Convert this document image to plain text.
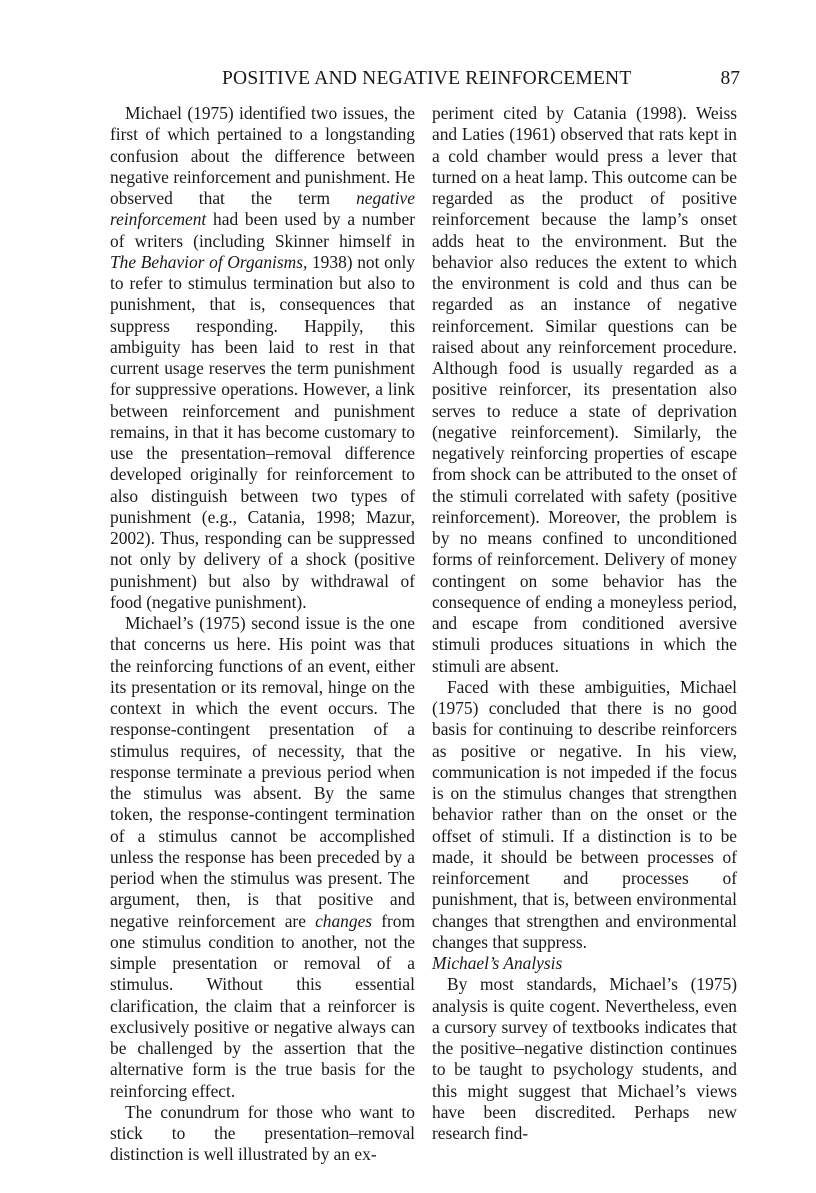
POSITIVE AND NEGATIVE REINFORCEMENT	87

Michael (1975) identified two issues, the first of which pertained to a longstanding confusion about the difference between negative reinforcement and punishment. He observed that the term negative reinforcement had been used by a number of writers (including Skinner himself in The Behavior of Organisms, 1938) not only to refer to stimulus termination but also to punishment, that is, consequences that suppress responding. Happily, this ambiguity has been laid to rest in that current usage reserves the term punishment for suppressive operations. However, a link between reinforcement and punishment remains, in that it has become customary to use the presentation–removal difference developed originally for reinforcement to also distinguish between two types of punishment (e.g., Catania, 1998; Mazur, 2002). Thus, responding can be suppressed not only by delivery of a shock (positive punishment) but also by withdrawal of food (negative punishment).

Michael’s (1975) second issue is the one that concerns us here. His point was that the reinforcing functions of an event, either its presentation or its removal, hinge on the context in which the event occurs. The response-contingent presentation of a stimulus requires, of necessity, that the response terminate a previous period when the stimulus was absent. By the same token, the response-contingent termination of a stimulus cannot be accomplished unless the response has been preceded by a period when the stimulus was present. The argument, then, is that positive and negative reinforcement are changes from one stimulus condition to another, not the simple presentation or removal of a stimulus. Without this essential clarification, the claim that a reinforcer is exclusively positive or negative always can be challenged by the assertion that the alternative form is the true basis for the reinforcing effect.

The conundrum for those who want to stick to the presentation–removal distinction is well illustrated by an ex-

periment cited by Catania (1998). Weiss and Laties (1961) observed that rats kept in a cold chamber would press a lever that turned on a heat lamp. This outcome can be regarded as the product of positive reinforcement because the lamp’s onset adds heat to the environment. But the behavior also reduces the extent to which the environment is cold and thus can be regarded as an instance of negative reinforcement. Similar questions can be raised about any reinforcement procedure. Although food is usually regarded as a positive reinforcer, its presentation also serves to reduce a state of deprivation (negative reinforcement). Similarly, the negatively reinforcing properties of escape from shock can be attributed to the onset of the stimuli correlated with safety (positive reinforcement). Moreover, the problem is by no means confined to unconditioned forms of reinforcement. Delivery of money contingent on some behavior has the consequence of ending a moneyless period, and escape from conditioned aversive stimuli produces situations in which the stimuli are absent.

Faced with these ambiguities, Michael (1975) concluded that there is no good basis for continuing to describe reinforcers as positive or negative. In his view, communication is not impeded if the focus is on the stimulus changes that strengthen behavior rather than on the onset or the offset of stimuli. If a distinction is to be made, it should be between processes of reinforcement and processes of punishment, that is, between environmental changes that strengthen and environmental changes that suppress.

Michael’s Analysis

By most standards, Michael’s (1975) analysis is quite cogent. Nevertheless, even a cursory survey of textbooks indicates that the positive–negative distinction continues to be taught to psychology students, and this might suggest that Michael’s views have been discredited. Perhaps new research find-
